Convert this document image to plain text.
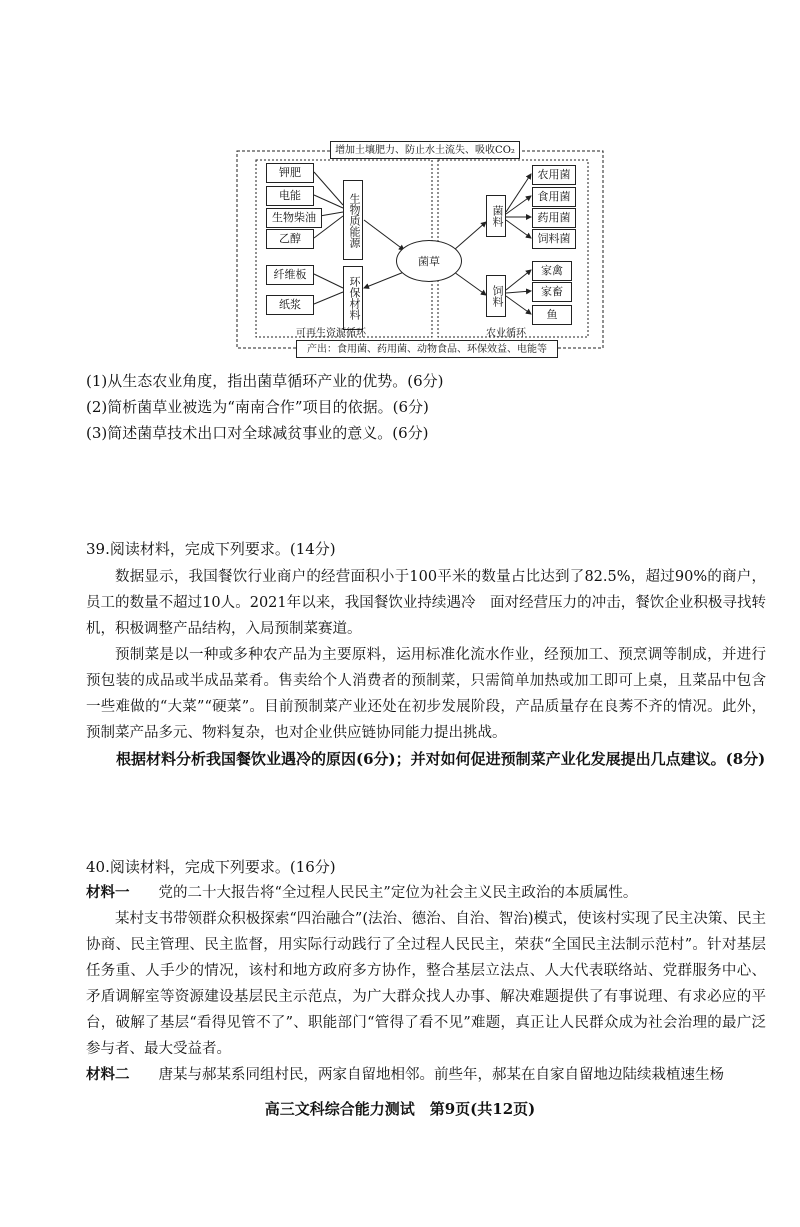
增加土壤肥力、防止水土流失、吸收CO₂
产出：食用菌、药用菌、动物食品、环保效益、电能等
钾肥
电能
生物柴油
乙醇
纤维板
纸浆
生物质能源
环保材料
菌草
菌料
饲料
农用菌
食用菌
药用菌
饲料菌
家禽
家畜
鱼
可再生资源循环	农业循环
(1)从生态农业角度，指出菌草循环产业的优势。(6分)
(2)简析菌草业被选为“南南合作”项目的依据。(6分)
(3)简述菌草技术出口对全球减贫事业的意义。(6分)
39.阅读材料，完成下列要求。(14分)

数据显示，我国餐饮行业商户的经营面积小于100平米的数量占比达到了82.5%，超过90%的商户，员工的数量不超过10人。2021年以来，我国餐饮业持续遇冷　面对经营压力的冲击，餐饮企业积极寻找转机，积极调整产品结构，入局预制菜赛道。

预制菜是以一种或多种农产品为主要原料，运用标准化流水作业，经预加工、预烹调等制成，并进行预包装的成品或半成品菜肴。售卖给个人消费者的预制菜，只需简单加热或加工即可上桌，且菜品中包含一些难做的“大菜”“硬菜”。目前预制菜产业还处在初步发展阶段，产品质量存在良莠不齐的情况。此外，预制菜产品多元、物料复杂，也对企业供应链协同能力提出挑战。

根据材料分析我国餐饮业遇冷的原因(6分)；并对如何促进预制菜产业化发展提出几点建议。(8分)

40.阅读材料，完成下列要求。(16分)

材料一　　 党的二十大报告将“全过程人民民主”定位为社会主义民主政治的本质属性。

某村支书带领群众积极探索“四治融合”(法治、德治、自治、智治)模式，使该村实现了民主决策、民主协商、民主管理、民主监督，用实际行动践行了全过程人民民主，荣获“全国民主法制示范村”。针对基层任务重、人手少的情况，该村和地方政府多方协作，整合基层立法点、人大代表联络站、党群服务中心、矛盾调解室等资源建设基层民主示范点，为广大群众找人办事、解决难题提供了有事说理、有求必应的平台，破解了基层“看得见管不了”、职能部门“管得了看不见”难题，真正让人民群众成为社会治理的最广泛参与者、最大受益者。

材料二　　 唐某与郝某系同组村民，两家自留地相邻。前些年，郝某在自家自留地边陆续栽植速生杨

高三文科综合能力测试　第9页(共12页)
